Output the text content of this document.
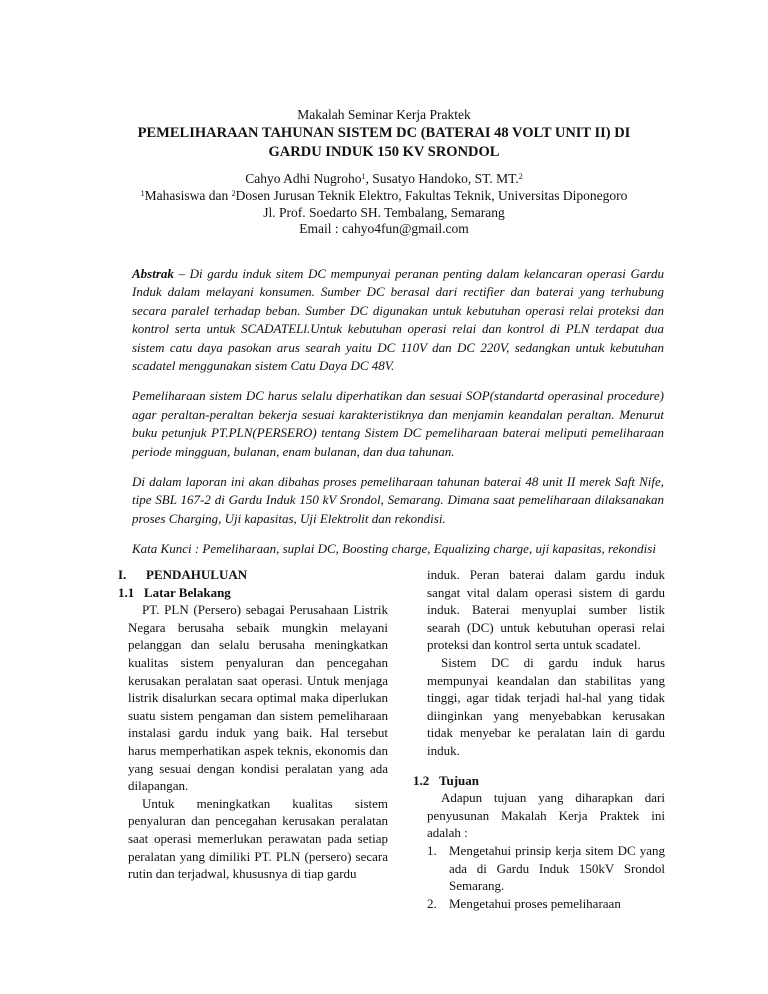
Makalah Seminar Kerja Praktek
PEMELIHARAAN TAHUNAN SISTEM DC (BATERAI 48 VOLT UNIT II) DI
GARDU INDUK 150 KV SRONDOL
Cahyo Adhi Nugroho$^1$, Susatyo Handoko, ST. MT.$^2$
$^1$Mahasiswa dan $^2$Dosen Jurusan Teknik Elektro, Fakultas Teknik, Universitas Diponegoro
Jl. Prof. Soedarto SH. Tembalang, Semarang
Email : cahyo4fun@gmail.com

Abstrak – Di gardu induk sitem DC mempunyai peranan penting dalam kelancaran operasi Gardu Induk dalam melayani konsumen. Sumber DC berasal dari rectifier dan baterai yang terhubung secara paralel terhadap beban. Sumber DC digunakan untuk kebutuhan operasi relai proteksi dan kontrol serta untuk SCADATELl.Untuk kebutuhan operasi relai dan kontrol di PLN terdapat dua sistem catu daya pasokan arus searah yaitu DC 110V dan DC 220V, sedangkan untuk kebutuhan scadatel menggunakan sistem Catu Daya DC 48V.

Pemeliharaan sistem DC harus selalu diperhatikan dan sesuai SOP(standartd operasinal procedure) agar peraltan-peraltan bekerja sesuai karakteristiknya dan menjamin keandalan peraltan. Menurut buku petunjuk PT.PLN(PERSERO) tentang Sistem DC pemeliharaan baterai meliputi pemeliharaan periode mingguan, bulanan, enam bulanan, dan dua tahunan.

Di dalam laporan ini akan dibahas proses pemeliharaan tahunan baterai 48 unit II merek Saft Nife, tipe SBL 167-2 di Gardu Induk 150 kV Srondol, Semarang. Dimana saat pemeliharaan dilaksanakan proses Charging, Uji kapasitas, Uji Elektrolit dan rekondisi.

Kata Kunci : Pemeliharaan, suplai DC, Boosting charge, Equalizing charge, uji kapasitas, rekondisi

I.	PENDAHULUAN
1.1 Latar Belakang

PT. PLN (Persero) sebagai Perusahaan Listrik Negara berusaha sebaik mungkin melayani pelanggan dan selalu berusaha meningkatkan kualitas sistem penyaluran dan pencegahan kerusakan peralatan saat operasi. Untuk menjaga listrik disalurkan secara optimal maka diperlukan suatu sistem pengaman dan sistem pemeliharaan instalasi gardu induk yang baik. Hal tersebut harus memperhatikan aspek teknis, ekonomis dan yang sesuai dengan kondisi peralatan yang ada dilapangan.

Untuk meningkatkan kualitas sistem penyaluran dan pencegahan kerusakan peralatan saat operasi memerlukan perawatan pada setiap peralatan yang dimiliki PT. PLN (persero) secara rutin dan terjadwal, khususnya di tiap gardu

induk. Peran baterai dalam gardu induk sangat vital dalam operasi sistem di gardu induk. Baterai menyuplai sumber listik searah (DC) untuk kebutuhan operasi relai proteksi dan kontrol serta untuk scadatel.

Sistem DC di gardu induk harus mempunyai keandalan dan stabilitas yang tinggi, agar tidak terjadi hal-hal yang tidak diinginkan yang menyebabkan kerusakan tidak menyebar ke peralatan lain di gardu induk.

1.2 Tujuan

Adapun tujuan yang diharapkan dari penyusunan Makalah Kerja Praktek ini adalah :

1. Mengetahui prinsip kerja sitem DC yang ada di Gardu Induk 150kV Srondol Semarang.
2. Mengetahui proses pemeliharaan
